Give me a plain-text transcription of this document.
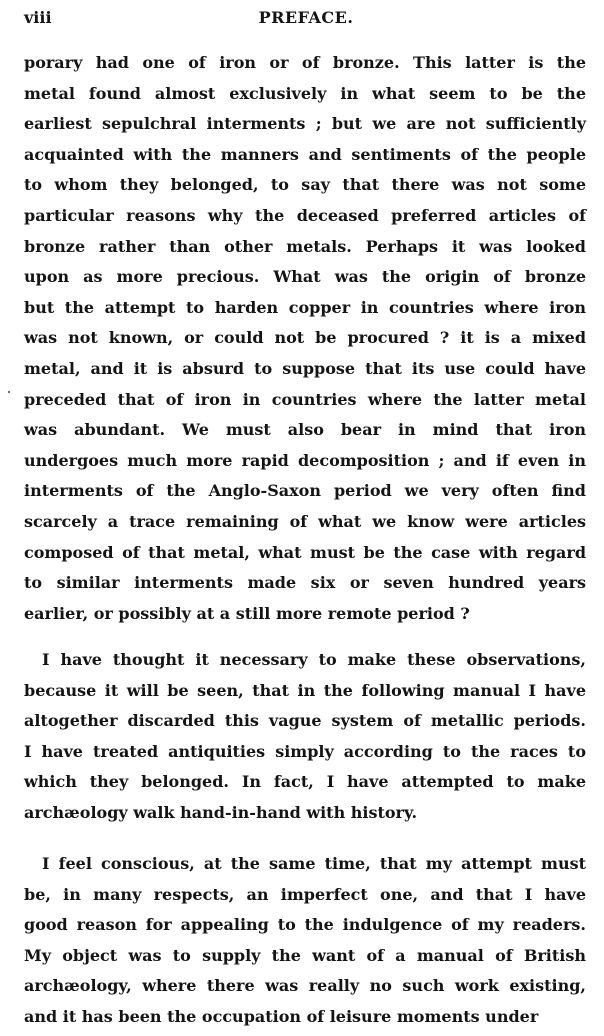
viii	PREFACE.
porary had one of iron or of bronze. This latter is the
metal found almost exclusively in what seem to be the
earliest sepulchral interments ; but we are not sufficiently
acquainted with the manners and sentiments of the people
to whom they belonged, to say that there was not some
particular reasons why the deceased preferred articles of
bronze rather than other metals. Perhaps it was looked
upon as more precious. What was the origin of bronze
but the attempt to harden copper in countries where iron
was not known, or could not be procured ? it is a mixed
metal, and it is absurd to suppose that its use could have
preceded that of iron in countries where the latter metal
was abundant. We must also bear in mind that iron
undergoes much more rapid decomposition ; and if even in
interments of the Anglo-Saxon period we very often find
scarcely a trace remaining of what we know were articles
composed of that metal, what must be the case with regard
to similar interments made six or seven hundred years
earlier, or possibly at a still more remote period ?
I have thought it necessary to make these observations,
because it will be seen, that in the following manual I have
altogether discarded this vague system of metallic periods.
I have treated antiquities simply according to the races to
which they belonged. In fact, I have attempted to make
archæology walk hand-in-hand with history.
I feel conscious, at the same time, that my attempt must
be, in many respects, an imperfect one, and that I have
good reason for appealing to the indulgence of my readers.
My object was to supply the want of a manual of British
archæology, where there was really no such work existing,
and it has been the occupation of leisure moments under
